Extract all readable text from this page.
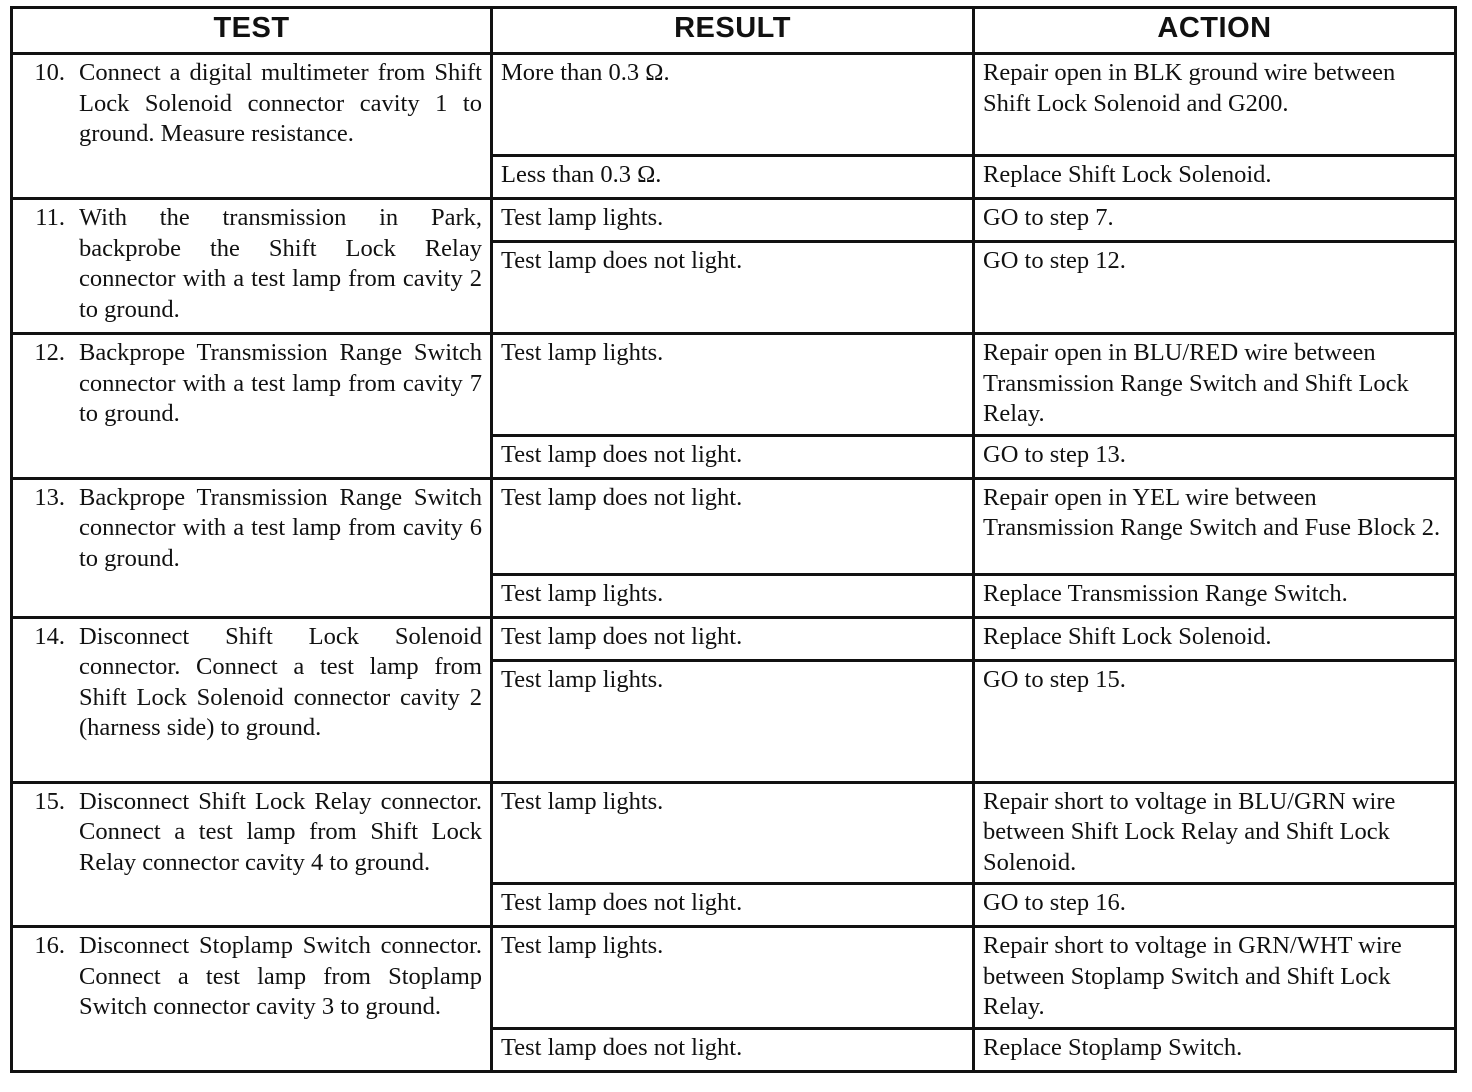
TEST	RESULT	ACTION

10. Connect a digital multimeter from Shift Lock Solenoid connector cavity 1 to ground. Measure resistance.	More than 0.3 Ω.	Repair open in BLK ground wire between Shift Lock Solenoid and G200.
	Less than 0.3 Ω.	Replace Shift Lock Solenoid.

11. With the transmission in Park, backprobe the Shift Lock Relay connector with a test lamp from cavity 2 to ground.	Test lamp lights.	GO to step 7.
	Test lamp does not light.	GO to step 12.

12. Backprope Transmission Range Switch connector with a test lamp from cavity 7 to ground.	Test lamp lights.	Repair open in BLU/RED wire between Transmission Range Switch and Shift Lock Relay.
	Test lamp does not light.	GO to step 13.

13. Backprope Transmission Range Switch connector with a test lamp from cavity 6 to ground.	Test lamp does not light.	Repair open in YEL wire between Transmission Range Switch and Fuse Block 2.
	Test lamp lights.	Replace Transmission Range Switch.

14. Disconnect Shift Lock Solenoid connector. Connect a test lamp from Shift Lock Solenoid connector cavity 2 (harness side) to ground.	Test lamp does not light.	Replace Shift Lock Solenoid.
	Test lamp lights.	GO to step 15.

15. Disconnect Shift Lock Relay connector. Connect a test lamp from Shift Lock Relay connector cavity 4 to ground.	Test lamp lights.	Repair short to voltage in BLU/GRN wire between Shift Lock Relay and Shift Lock Solenoid.
	Test lamp does not light.	GO to step 16.

16. Disconnect Stoplamp Switch connector. Connect a test lamp from Stoplamp Switch connector cavity 3 to ground.	Test lamp lights.	Repair short to voltage in GRN/WHT wire between Stoplamp Switch and Shift Lock Relay.
	Test lamp does not light.	Replace Stoplamp Switch.
